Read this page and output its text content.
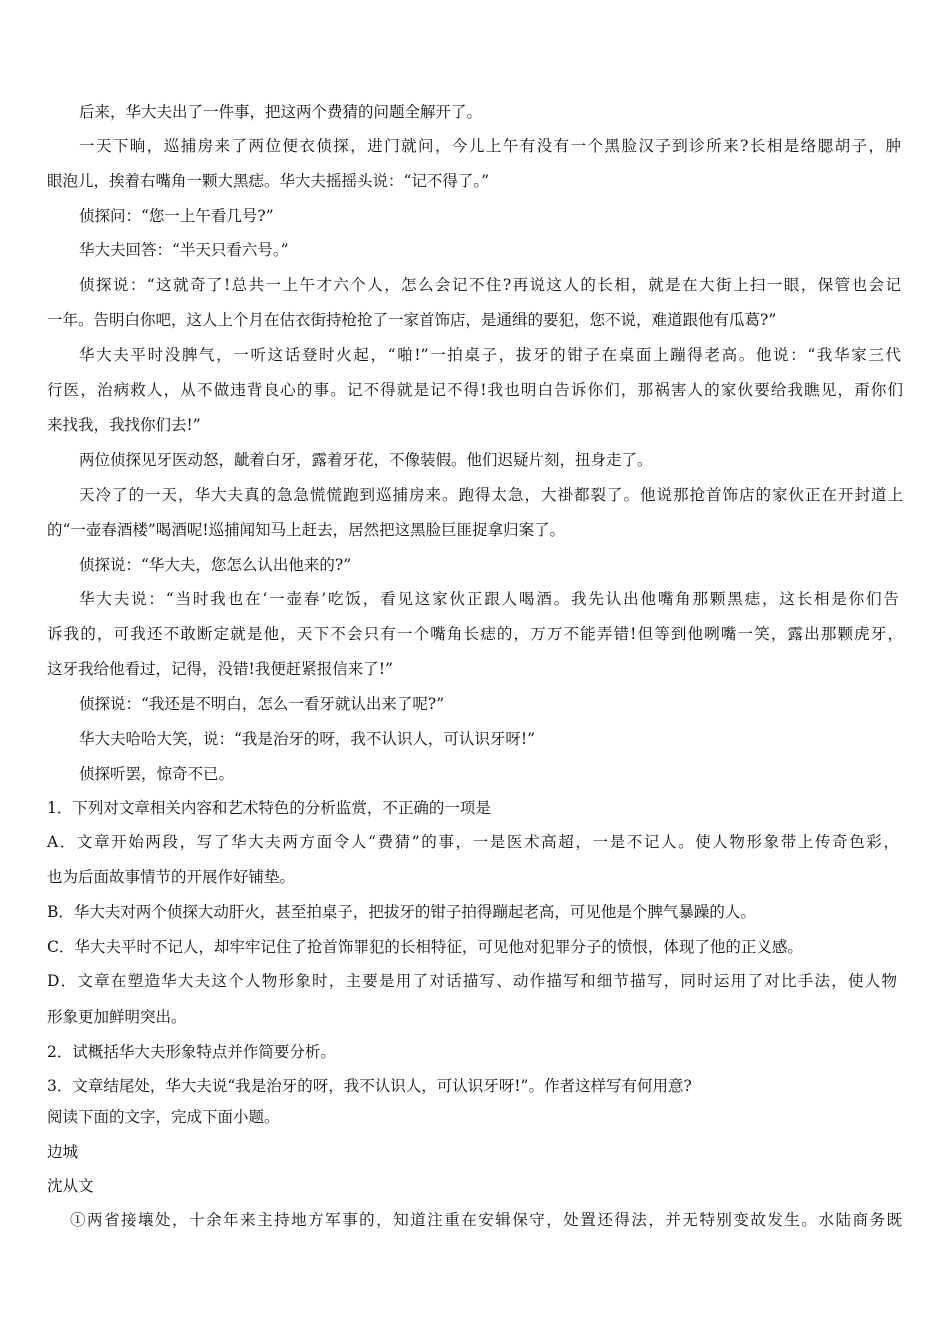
后来，华大夫出了一件事，把这两个费猜的问题全解开了。
一天下晌，巡捕房来了两位便衣侦探，进门就问，今儿上午有没有一个黑脸汉子到诊所来?长相是络腮胡子，肿
眼泡儿，挨着右嘴角一颗大黑痣。华大夫摇摇头说：“记不得了。”
侦探问：“您一上午看几号?”
华大夫回答：“半天只看六号。”
侦探说：“这就奇了!总共一上午才六个人，怎么会记不住?再说这人的长相，就是在大街上扫一眼，保管也会记
一年。告明白你吧，这人上个月在估衣街持枪抢了一家首饰店，是通缉的要犯，您不说，难道跟他有瓜葛?”
华大夫平时没脾气，一听这话登时火起，“啪!”一拍桌子，拔牙的钳子在桌面上蹦得老高。他说：“我华家三代
行医，治病救人，从不做违背良心的事。记不得就是记不得!我也明白告诉你们，那祸害人的家伙要给我瞧见，甭你们
来找我，我找你们去!”
两位侦探见牙医动怒，龇着白牙，露着牙花，不像装假。他们迟疑片刻，扭身走了。
天冷了的一天，华大夫真的急急慌慌跑到巡捕房来。跑得太急，大褂都裂了。他说那抢首饰店的家伙正在开封道上
的“一壶春酒楼”喝酒呢!巡捕闻知马上赶去，居然把这黑脸巨匪捉拿归案了。
侦探说：“华大夫，您怎么认出他来的?”
华大夫说：“当时我也在‘一壶春’吃饭，看见这家伙正跟人喝酒。我先认出他嘴角那颗黑痣，这长相是你们告
诉我的，可我还不敢断定就是他，天下不会只有一个嘴角长痣的，万万不能弄错!但等到他咧嘴一笑，露出那颗虎牙，
这牙我给他看过，记得，没错!我便赶紧报信来了!”
侦探说：“我还是不明白，怎么一看牙就认出来了呢?”
华大夫哈哈大笑，说：“我是治牙的呀，我不认识人，可认识牙呀!”
侦探听罢，惊奇不已。
1．下列对文章相关内容和艺术特色的分析监赏，不正确的一项是
A．文章开始两段，写了华大夫两方面令人“费猜”的事，一是医术高超，一是不记人。使人物形象带上传奇色彩，
也为后面故事情节的开展作好铺垫。
B．华大夫对两个侦探大动肝火，甚至拍桌子，把拔牙的钳子拍得蹦起老高，可见他是个脾气暴躁的人。
C．华大夫平时不记人，却牢牢记住了抢首饰罪犯的长相特征，可见他对犯罪分子的愤恨，体现了他的正义感。
D．文章在塑造华大夫这个人物形象时，主要是用了对话描写、动作描写和细节描写，同时运用了对比手法，使人物
形象更加鲜明突出。
2．试概括华大夫形象特点并作简要分析。
3．文章结尾处，华大夫说“我是治牙的呀，我不认识人，可认识牙呀!”。作者这样写有何用意?
阅读下面的文字，完成下面小题。
边城
沈从文
①两省接壤处，十余年来主持地方军事的，知道注重在安辑保守，处置还得法，并无特别变故发生。水陆商务既
